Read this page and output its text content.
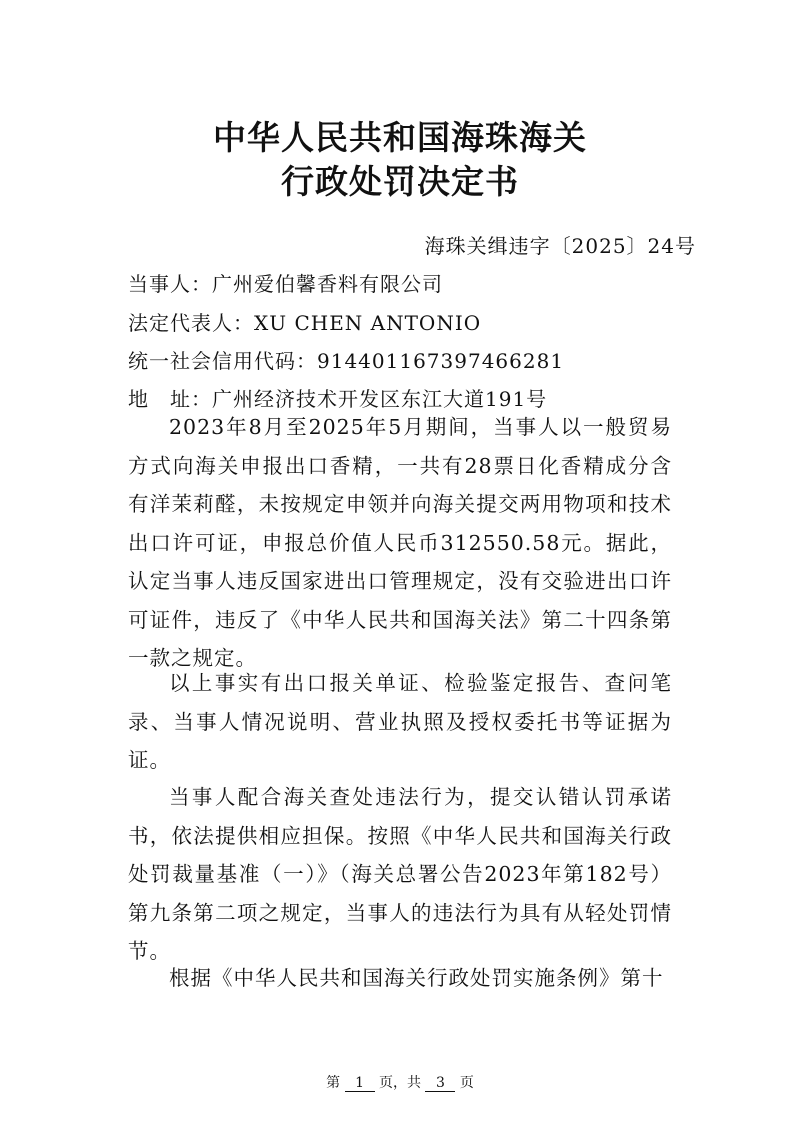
中华人民共和国海珠海关
行政处罚决定书
海珠关缉违字〔2025〕24号
当事人：广州爱伯馨香料有限公司
法定代表人：XU CHEN ANTONIO
统一社会信用代码：914401167397466281
地　址：广州经济技术开发区东江大道191号
2023年8月至2025年5月期间，当事人以一般贸易方式向海关申报出口香精，一共有28票日化香精成分含有洋茉莉醛，未按规定申领并向海关提交两用物项和技术出口许可证，申报总价值人民币312550.58元。据此，认定当事人违反国家进出口管理规定，没有交验进出口许可证件，违反了《中华人民共和国海关法》第二十四条第一款之规定。
以上事实有出口报关单证、检验鉴定报告、查问笔录、当事人情况说明、营业执照及授权委托书等证据为证。
当事人配合海关查处违法行为，提交认错认罚承诺书，依法提供相应担保。按照《中华人民共和国海关行政处罚裁量基准（一）》（海关总署公告2023年第182号）第九条第二项之规定，当事人的违法行为具有从轻处罚情节。
根据《中华人民共和国海关行政处罚实施条例》第十
第 1 页，共 3 页
